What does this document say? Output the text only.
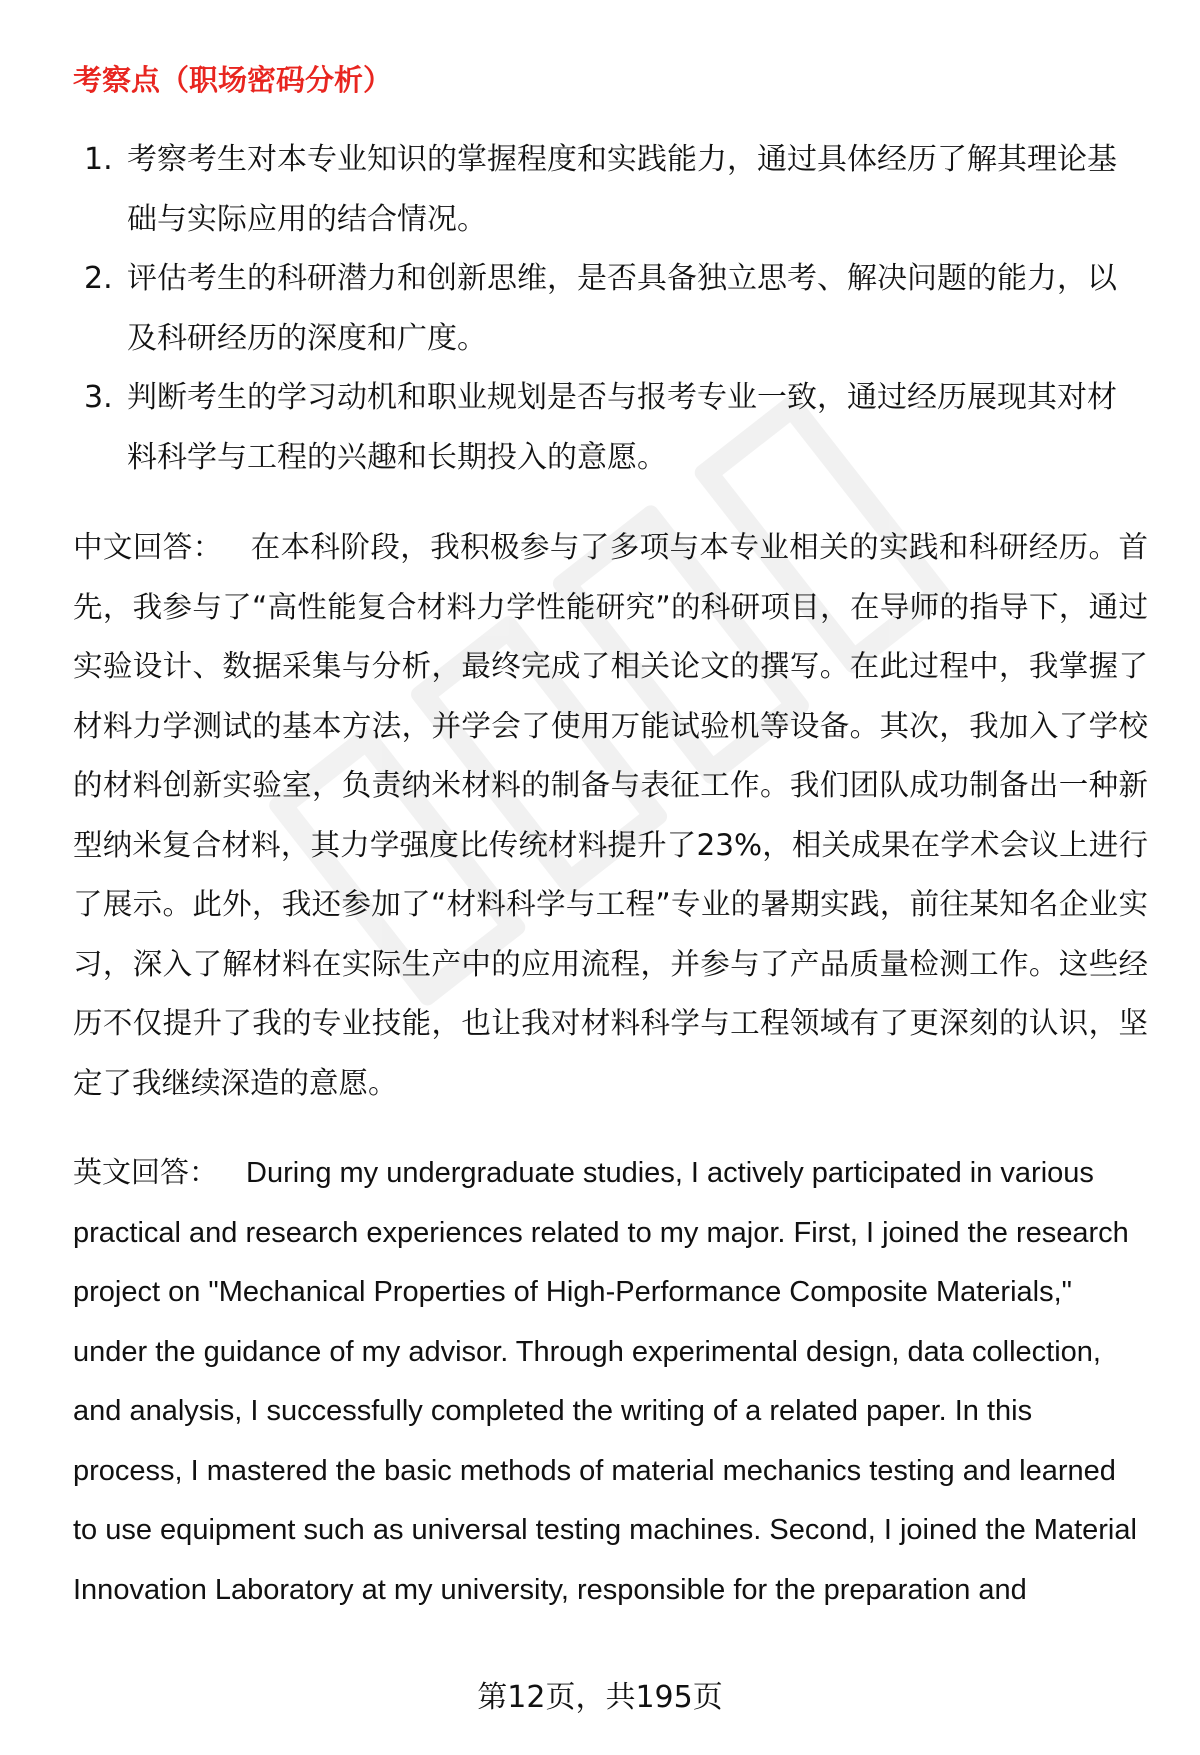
考察点（职场密码分析）
1. 考察考生对本专业知识的掌握程度和实践能力，通过具体经历了解其理论基础与实际应用的结合情况。
2. 评估考生的科研潜力和创新思维，是否具备独立思考、解决问题的能力，以及科研经历的深度和广度。
3. 判断考生的学习动机和职业规划是否与报考专业一致，通过经历展现其对材料科学与工程的兴趣和长期投入的意愿。

中文回答： 在本科阶段，我积极参与了多项与本专业相关的实践和科研经历。首先，我参与了“高性能复合材料力学性能研究”的科研项目，在导师的指导下，通过实验设计、数据采集与分析，最终完成了相关论文的撰写。在此过程中，我掌握了材料力学测试的基本方法，并学会了使用万能试验机等设备。其次，我加入了学校的材料创新实验室，负责纳米材料的制备与表征工作。我们团队成功制备出一种新型纳米复合材料，其力学强度比传统材料提升了23%，相关成果在学术会议上进行了展示。此外，我还参加了“材料科学与工程”专业的暑期实践，前往某知名企业实习，深入了解材料在实际生产中的应用流程，并参与了产品质量检测工作。这些经历不仅提升了我的专业技能，也让我对材料科学与工程领域有了更深刻的认识，坚定了我继续深造的意愿。

英文回答： During my undergraduate studies, I actively participated in various practical and research experiences related to my major. First, I joined the research project on "Mechanical Properties of High-Performance Composite Materials," under the guidance of my advisor. Through experimental design, data collection, and analysis, I successfully completed the writing of a related paper. In this process, I mastered the basic methods of material mechanics testing and learned to use equipment such as universal testing machines. Second, I joined the Material Innovation Laboratory at my university, responsible for the preparation and

第12页，共195页
